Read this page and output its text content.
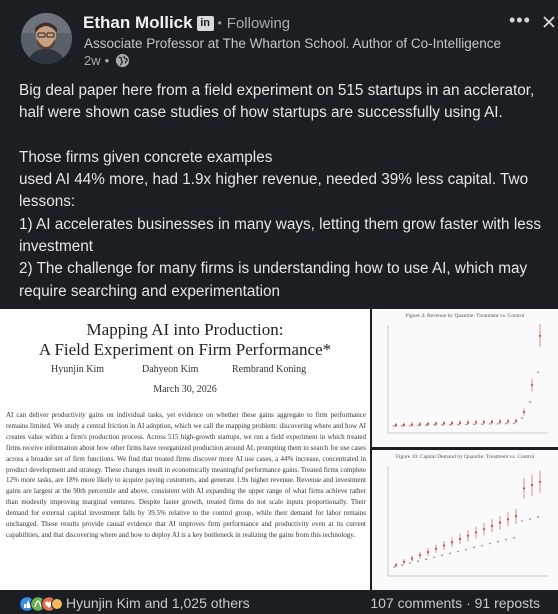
Ethan Mollick in • Following
Associate Professor at The Wharton School. Author of Co-Intelligence
2w •
•••

Big deal paper here from a field experiment on 515 startups in an acclerator, half were shown case studies of how startups are successfully using AI.

Those firms given concrete examples

used AI 44% more, had 1.9x higher revenue, needed 39% less capital. Two lessons:

1) AI accelerates businesses in many ways, letting them grow faster with less investment

2) The challenge for many firms is understanding how to use AI, which may require searching and experimentation

Mapping AI into Production:
A Field Experiment on Firm Performance*
Hyunjin Kim	Dahyeon Kim	Rembrand Koning
March 30, 2026
AI can deliver productivity gains on individual tasks, yet evidence on whether these gains aggregate to firm performance remains limited. We study a central friction in AI adoption, which we call the mapping problem: discovering where and how AI creates value within a firm's production process. Across 515 high-growth startups, we run a field experiment in which treated firms receive information about how other firms have reorganized production around AI, prompting them to search for use cases across a broader set of firm functions. We find that treated firms discover more AI use cases, a 44% increase, concentrated in product development and strategy. These changes result in economically meaningful performance gains. Treated firms complete 12% more tasks, are 18% more likely to acquire paying customers, and generate 1.9x higher revenue. Revenue and investment gains are largest at the 90th percentile and above, consistent with AI expanding the upper range of what firms achieve rather than modestly improving marginal ventures. Despite faster growth, treated firms do not scale inputs proportionally. Their demand for external capital investment falls by 39.5% relative to the control group, while their demand for labor remains unchanged. These results provide causal evidence that AI improves firm performance and productivity even at its current capabilities, and that discovering where and how to deploy AI is a key bottleneck in realizing the gains from this technology.
Figure 4: Revenue by Quantile: Treatment vs. Control
Figure 10: Capital Demand by Quantile: Treatment vs. Control
Hyunjin Kim and 1,025 others	107 comments · 91 reposts
